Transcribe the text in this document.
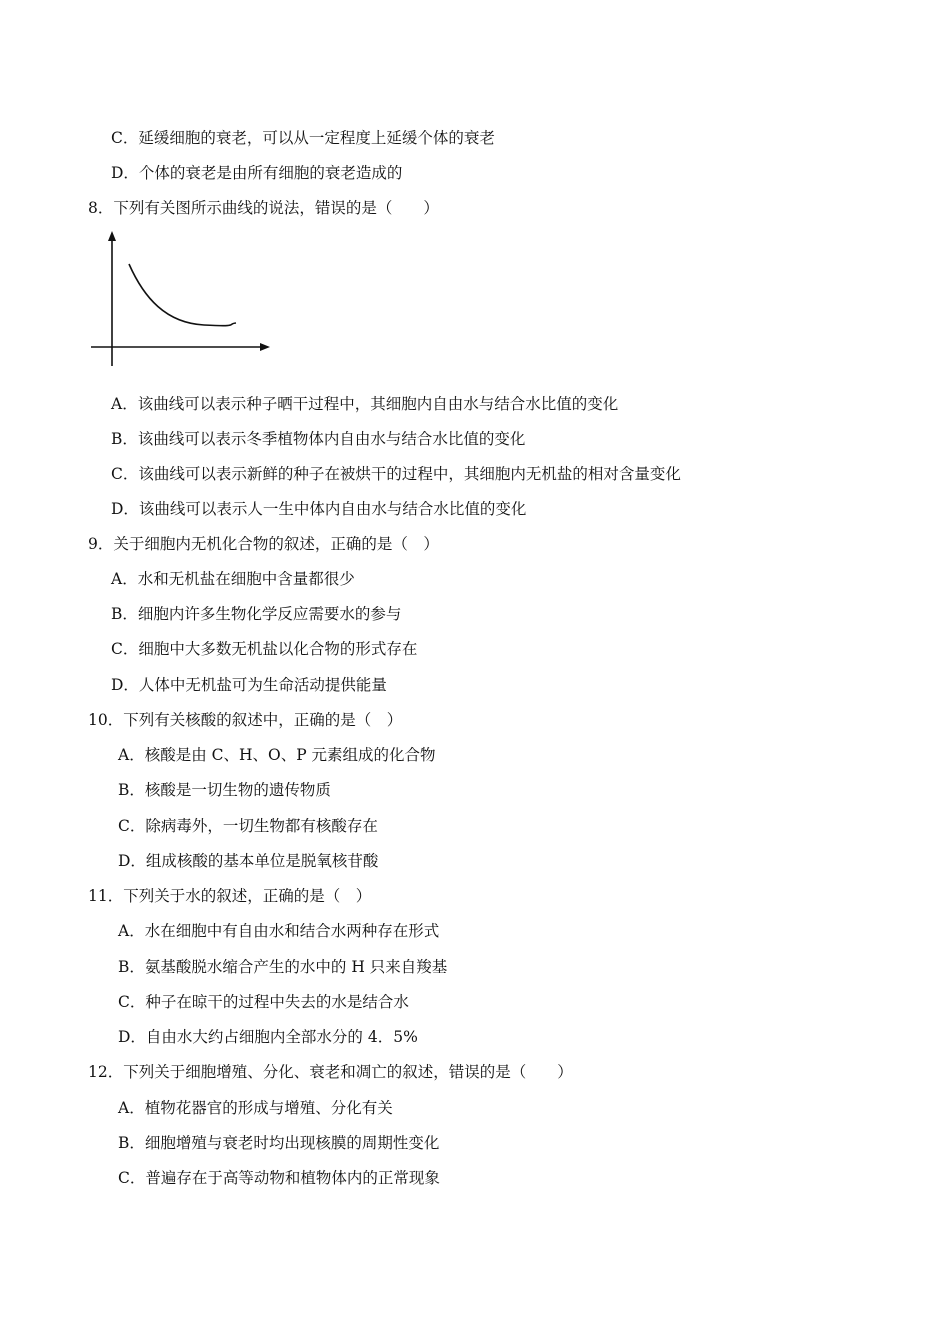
C．延缓细胞的衰老，可以从一定程度上延缓个体的衰老
D．个体的衰老是由所有细胞的衰老造成的
8．下列有关图所示曲线的说法，错误的是（　　）
A．该曲线可以表示种子晒干过程中，其细胞内自由水与结合水比值的变化
B．该曲线可以表示冬季植物体内自由水与结合水比值的变化
C．该曲线可以表示新鲜的种子在被烘干的过程中，其细胞内无机盐的相对含量变化
D．该曲线可以表示人一生中体内自由水与结合水比值的变化
9．关于细胞内无机化合物的叙述，正确的是（　）
A．水和无机盐在细胞中含量都很少
B．细胞内许多生物化学反应需要水的参与
C．细胞中大多数无机盐以化合物的形式存在
D．人体中无机盐可为生命活动提供能量
10．下列有关核酸的叙述中，正确的是（　）
A．核酸是由 C、H、O、P 元素组成的化合物
B．核酸是一切生物的遗传物质
C．除病毒外，一切生物都有核酸存在
D．组成核酸的基本单位是脱氧核苷酸
11．下列关于水的叙述，正确的是（　）
A．水在细胞中有自由水和结合水两种存在形式
B．氨基酸脱水缩合产生的水中的 H 只来自羧基
C．种子在晾干的过程中失去的水是结合水
D．自由水大约占细胞内全部水分的 4．5%
12．下列关于细胞增殖、分化、衰老和凋亡的叙述，错误的是（　　）
A．植物花器官的形成与增殖、分化有关
B．细胞增殖与衰老时均出现核膜的周期性变化
C．普遍存在于高等动物和植物体内的正常现象
